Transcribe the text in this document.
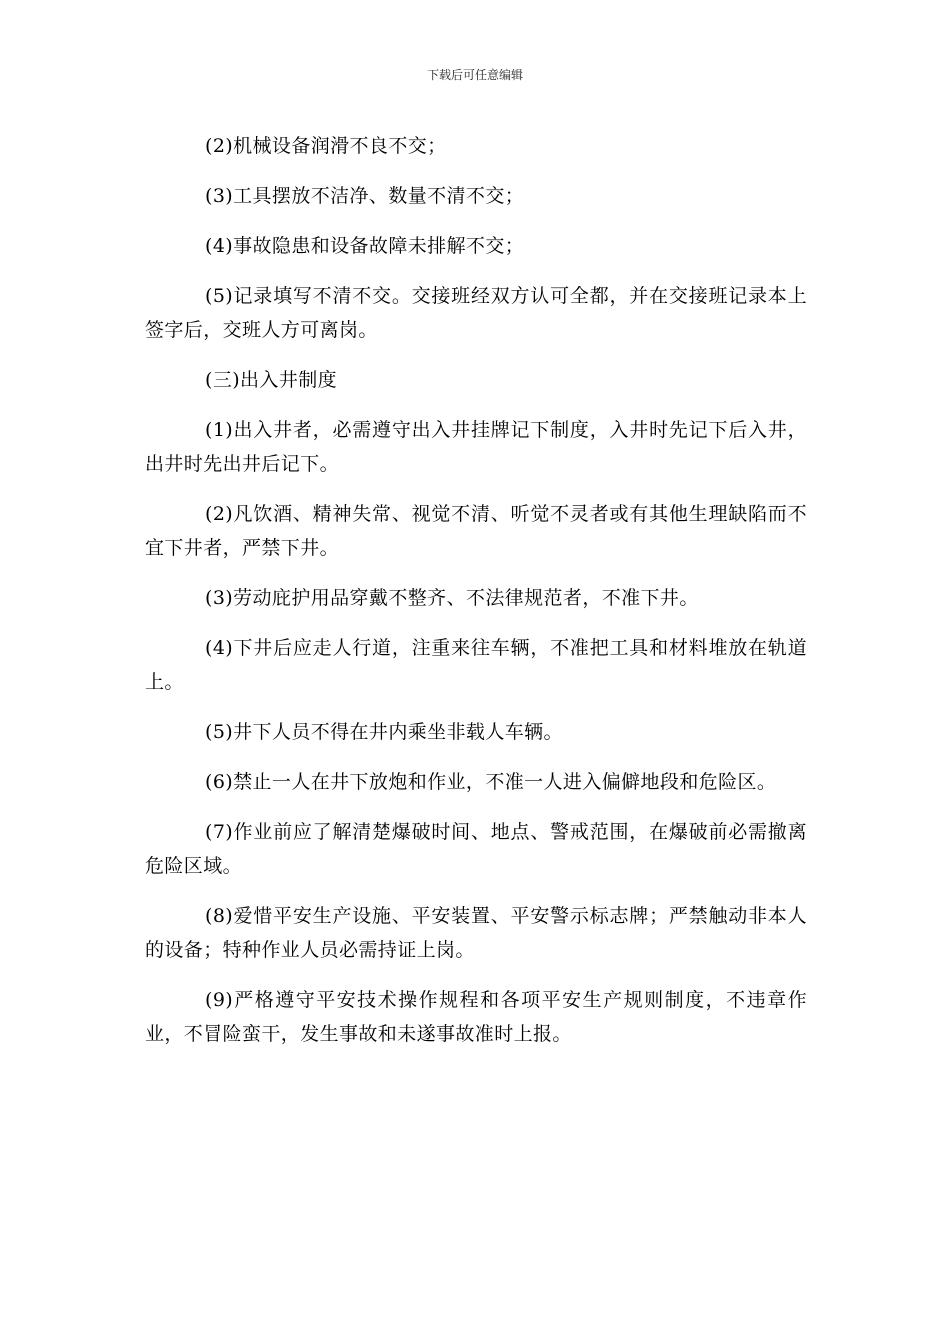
下载后可任意编辑

(2)机械设备润滑不良不交；

(3)工具摆放不洁净、数量不清不交；

(4)事故隐患和设备故障未排解不交；

(5)记录填写不清不交。交接班经双方认可全都，并在交接班记录本上签字后，交班人方可离岗。

(三)出入井制度

(1)出入井者，必需遵守出入井挂牌记下制度，入井时先记下后入井，出井时先出井后记下。

(2)凡饮酒、精神失常、视觉不清、听觉不灵者或有其他生理缺陷而不宜下井者，严禁下井。

(3)劳动庇护用品穿戴不整齐、不法律规范者，不准下井。

(4)下井后应走人行道，注重来往车辆，不准把工具和材料堆放在轨道上。

(5)井下人员不得在井内乘坐非载人车辆。

(6)禁止一人在井下放炮和作业，不准一人进入偏僻地段和危险区。

(7)作业前应了解清楚爆破时间、地点、警戒范围，在爆破前必需撤离危险区域。

(8)爱惜平安生产设施、平安装置、平安警示标志牌；严禁触动非本人的设备；特种作业人员必需持证上岗。

(9)严格遵守平安技术操作规程和各项平安生产规则制度，不违章作业，不冒险蛮干，发生事故和未遂事故准时上报。
